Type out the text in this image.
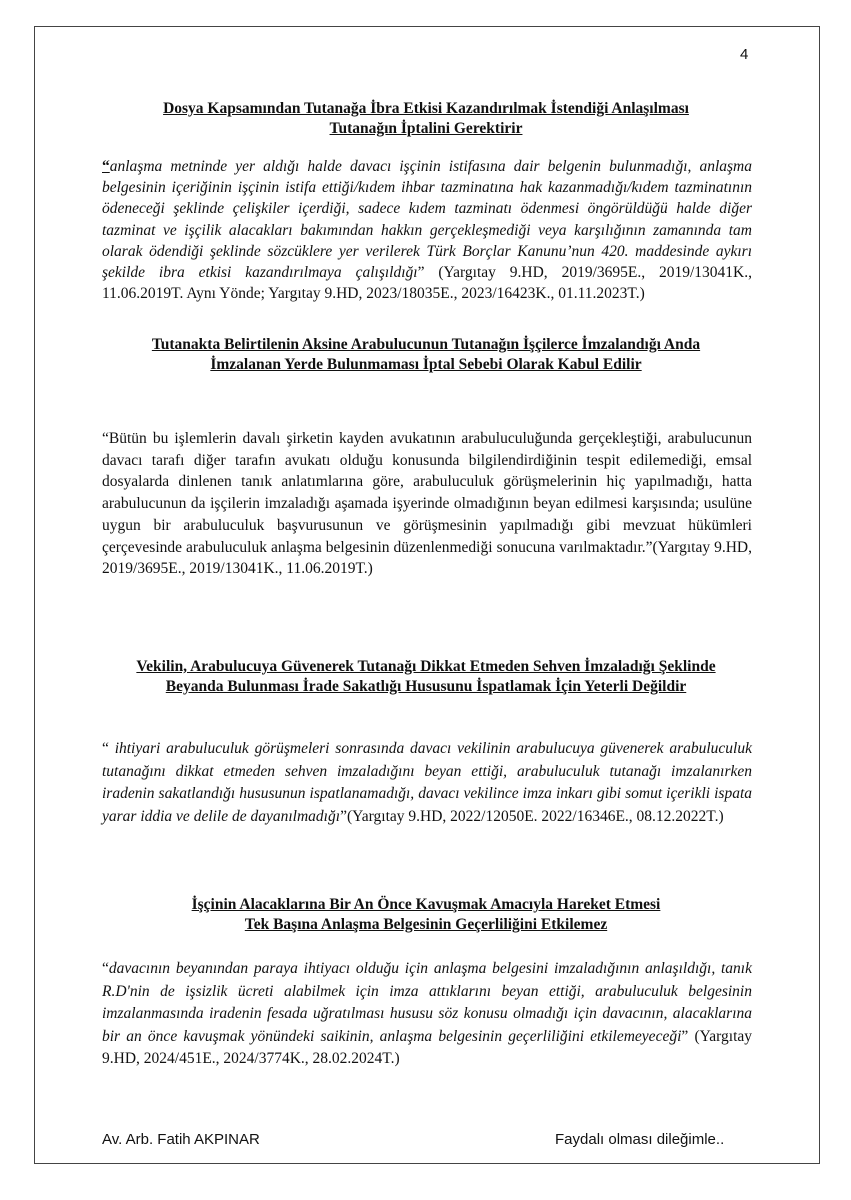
4
Dosya Kapsamından Tutanağa İbra Etkisi Kazandırılmak İstendiği Anlaşılması
Tutanağın İptalini Gerektirir
“anlaşma metninde yer aldığı halde davacı işçinin istifasına dair belgenin bulunmadığı, anlaşma belgesinin içeriğinin işçinin istifa ettiği/kıdem ihbar tazminatına hak kazanmadığı/kıdem tazminatının ödeneceği şeklinde çelişkiler içerdiği, sadece kıdem tazminatı ödenmesi öngörüldüğü halde diğer tazminat ve işçilik alacakları bakımından hakkın gerçekleşmediği veya karşılığının zamanında tam olarak ödendiği şeklinde sözcüklere yer verilerek Türk Borçlar Kanunu’nun 420. maddesinde aykırı şekilde ibra etkisi kazandırılmaya çalışıldığı” (Yargıtay 9.HD, 2019/3695E., 2019/13041K., 11.06.2019T. Aynı Yönde; Yargıtay 9.HD, 2023/18035E., 2023/16423K., 01.11.2023T.)
Tutanakta Belirtilenin Aksine Arabulucunun Tutanağın İşçilerce İmzalandığı Anda
İmzalanan Yerde Bulunmaması İptal Sebebi Olarak Kabul Edilir
“Bütün bu işlemlerin davalı şirketin kayden avukatının arabuluculuğunda gerçekleştiği, arabulucunun davacı tarafı diğer tarafın avukatı olduğu konusunda bilgilendirdiğinin tespit edilemediği, emsal dosyalarda dinlenen tanık anlatımlarına göre, arabuluculuk görüşmelerinin hiç yapılmadığı, hatta arabulucunun da işçilerin imzaladığı aşamada işyerinde olmadığının beyan edilmesi karşısında; usulüne uygun bir arabuluculuk başvurusunun ve görüşmesinin yapılmadığı gibi mevzuat hükümleri çerçevesinde arabuluculuk anlaşma belgesinin düzenlenmediği sonucuna varılmaktadır.”(Yargıtay 9.HD, 2019/3695E., 2019/13041K., 11.06.2019T.)
Vekilin, Arabulucuya Güvenerek Tutanağı Dikkat Etmeden Sehven İmzaladığı Şeklinde
Beyanda Bulunması İrade Sakatlığı Hususunu İspatlamak İçin Yeterli Değildir
“ ihtiyari arabuluculuk görüşmeleri sonrasında davacı vekilinin arabulucuya güvenerek arabuluculuk tutanağını dikkat etmeden sehven imzaladığını beyan ettiği, arabuluculuk tutanağı imzalanırken iradenin sakatlandığı hususunun ispatlanamadığı, davacı vekilince imza inkarı gibi somut içerikli ispata yarar iddia ve delile de dayanılmadığı”(Yargıtay 9.HD, 2022/12050E. 2022/16346E., 08.12.2022T.)
İşçinin Alacaklarına Bir An Önce Kavuşmak Amacıyla Hareket Etmesi
Tek Başına Anlaşma Belgesinin Geçerliliğini Etkilemez
“davacının beyanından paraya ihtiyacı olduğu için anlaşma belgesini imzaladığının anlaşıldığı, tanık R.D'nin de işsizlik ücreti alabilmek için imza attıklarını beyan ettiği, arabuluculuk belgesinin imzalanmasında iradenin fesada uğratılması hususu söz konusu olmadığı için davacının, alacaklarına bir an önce kavuşmak yönündeki saikinin, anlaşma belgesinin geçerliliğini etkilemeyeceği” (Yargıtay 9.HD, 2024/451E., 2024/3774K., 28.02.2024T.)
Av. Arb. Fatih AKPINAR	Faydalı olması dileğimle..
